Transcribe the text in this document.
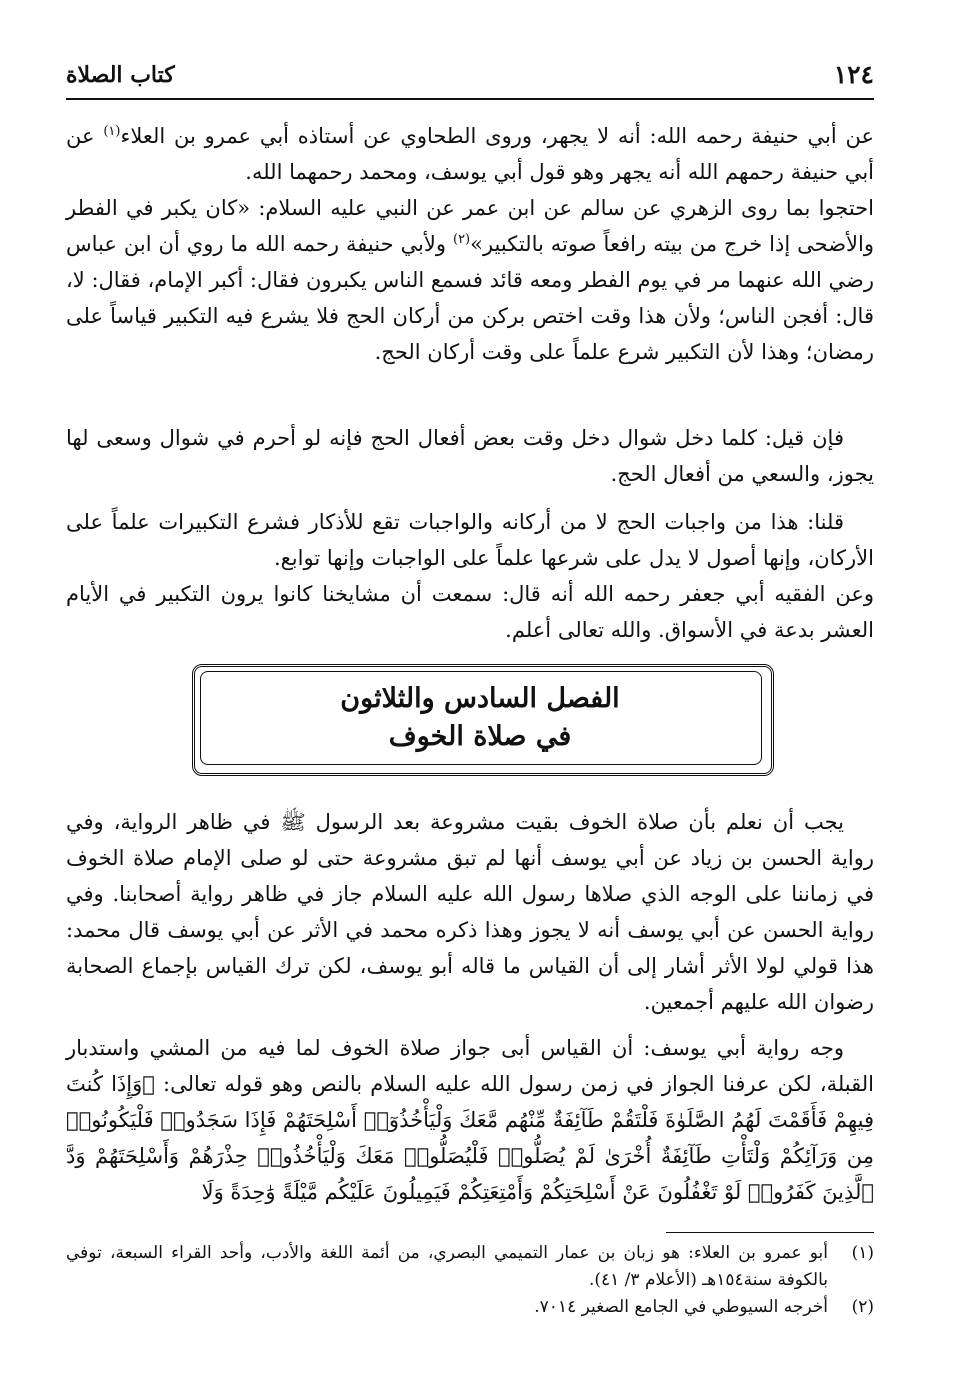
١٢٤
كتاب الصلاة

عن أبي حنيفة رحمه الله: أنه لا يجهر، وروى الطحاوي عن أستاذه أبي عمرو بن العلاء$^{(١)}$ عن أبي حنيفة رحمهم الله أنه يجهر وهو قول أبي يوسف، ومحمد رحمهما الله.

احتجوا بما روى الزهري عن سالم عن ابن عمر عن النبي عليه السلام: «كان يكبر في الفطر والأضحى إذا خرج من بيته رافعاً صوته بالتكبير»$^{(٢)}$ ولأبي حنيفة رحمه الله ما روي أن ابن عباس رضي الله عنهما مر في يوم الفطر ومعه قائد فسمع الناس يكبرون فقال: أكبر الإمام، فقال: لا، قال: أفجن الناس؛ ولأن هذا وقت اختص بركن من أركان الحج فلا يشرع فيه التكبير قياساً على رمضان؛ وهذا لأن التكبير شرع علماً على وقت أركان الحج.

فإن قيل: كلما دخل شوال دخل وقت بعض أفعال الحج فإنه لو أحرم في شوال وسعى لها يجوز، والسعي من أفعال الحج.

قلنا: هذا من واجبات الحج لا من أركانه والواجبات تقع للأذكار فشرع التكبيرات علماً على الأركان، وإنها أصول لا يدل على شرعها علماً على الواجبات وإنها توابع.

وعن الفقيه أبي جعفر رحمه الله أنه قال: سمعت أن مشايخنا كانوا يرون التكبير في الأيام العشر بدعة في الأسواق. والله تعالى أعلم.

الفصل السادس والثلاثون
في صلاة الخوف

يجب أن نعلم بأن صلاة الخوف بقيت مشروعة بعد الرسول ﷺ في ظاهر الرواية، وفي رواية الحسن بن زياد عن أبي يوسف أنها لم تبق مشروعة حتى لو صلى الإمام صلاة الخوف في زماننا على الوجه الذي صلاها رسول الله عليه السلام جاز في ظاهر رواية أصحابنا. وفي رواية الحسن عن أبي يوسف أنه لا يجوز وهذا ذكره محمد في الأثر عن أبي يوسف قال محمد: هذا قولي لولا الأثر أشار إلى أن القياس ما قاله أبو يوسف، لكن ترك القياس بإجماع الصحابة رضوان الله عليهم أجمعين.

وجه رواية أبي يوسف: أن القياس أبى جواز صلاة الخوف لما فيه من المشي واستدبار القبلة، لكن عرفنا الجواز في زمن رسول الله عليه السلام بالنص وهو قوله تعالى: ﴿وَإِذَا كُنتَ فِيهِمْ فَأَقَمْتَ لَهُمُ الصَّلَوٰةَ فَلْتَقُمْ طَآئِفَةٌ مِّنْهُم مَّعَكَ وَلْيَأْخُذُوٓا۟ أَسْلِحَتَهُمْ فَإِذَا سَجَدُوا۟ فَلْيَكُونُوا۟ مِن وَرَآئِكُمْ وَلْتَأْتِ طَآئِفَةٌ أُخْرَىٰ لَمْ يُصَلُّوا۟ فَلْيُصَلُّوا۟ مَعَكَ وَلْيَأْخُذُوا۟ حِذْرَهُمْ وَأَسْلِحَتَهُمْ وَدَّ ٱلَّذِينَ كَفَرُوا۟ لَوْ تَغْفُلُونَ عَنْ أَسْلِحَتِكُمْ وَأَمْتِعَتِكُمْ فَيَمِيلُونَ عَلَيْكُم مَّيْلَةً وَٰحِدَةً وَلَا

(١)
أبو عمرو بن العلاء: هو زبان بن عمار التميمي البصري، من أئمة اللغة والأدب، وأحد القراء السبعة، توفي بالكوفة سنة١٥٤هـ (الأعلام ٣/ ٤١).
(٢)
أخرجه السيوطي في الجامع الصغير ٧٠١٤.
